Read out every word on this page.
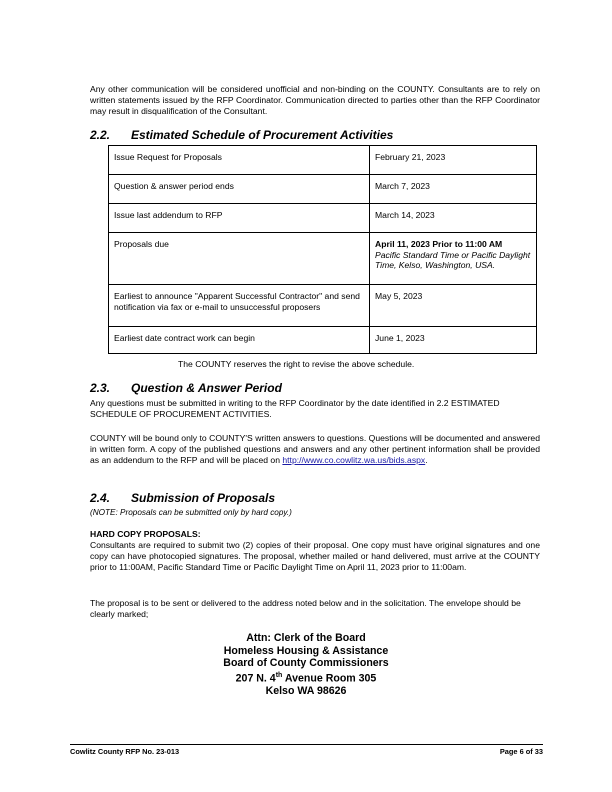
Any other communication will be considered unofficial and non-binding on the COUNTY. Consultants are to rely on written statements issued by the RFP Coordinator. Communication directed to parties other than the RFP Coordinator may result in disqualification of the Consultant.

2.2. Estimated Schedule of Procurement Activities
Issue Request for Proposals	February 21, 2023
Question & answer period ends	March 7, 2023
Issue last addendum to RFP	March 14, 2023
Proposals due	April 11, 2023 Prior to 11:00 AM
Pacific Standard Time or Pacific Daylight Time, Kelso, Washington, USA.

Earliest to announce "Apparent Successful Contractor" and send notification via fax or e-mail to unsuccessful proposers	May 5, 2023
Earliest date contract work can begin	June 1, 2023
The COUNTY reserves the right to revise the above schedule.
2.3. Question & Answer Period

Any questions must be submitted in writing to the RFP Coordinator by the date identified in 2.2 ESTIMATED SCHEDULE OF PROCUREMENT ACTIVITIES.

COUNTY will be bound only to COUNTY'S written answers to questions. Questions will be documented and answered in written form. A copy of the published questions and answers and any other pertinent information shall be provided as an addendum to the RFP and will be placed on http://www.co.cowlitz.wa.us/bids.aspx.

2.4. Submission of Proposals

(NOTE: Proposals can be submitted only by hard copy.)

HARD COPY PROPOSALS:

Consultants are required to submit two (2) copies of their proposal. One copy must have original signatures and one copy can have photocopied signatures. The proposal, whether mailed or hand delivered, must arrive at the COUNTY prior to 11:00AM, Pacific Standard Time or Pacific Daylight Time on April 11, 2023 prior to 11:00am.

The proposal is to be sent or delivered to the address noted below and in the solicitation. The envelope should be clearly marked;

Attn: Clerk of the Board
Homeless Housing & Assistance
Board of County Commissioners
207 N. 4th Avenue Room 305
Kelso WA 98626
Cowlitz County RFP No. 23-013	Page 6 of 33
